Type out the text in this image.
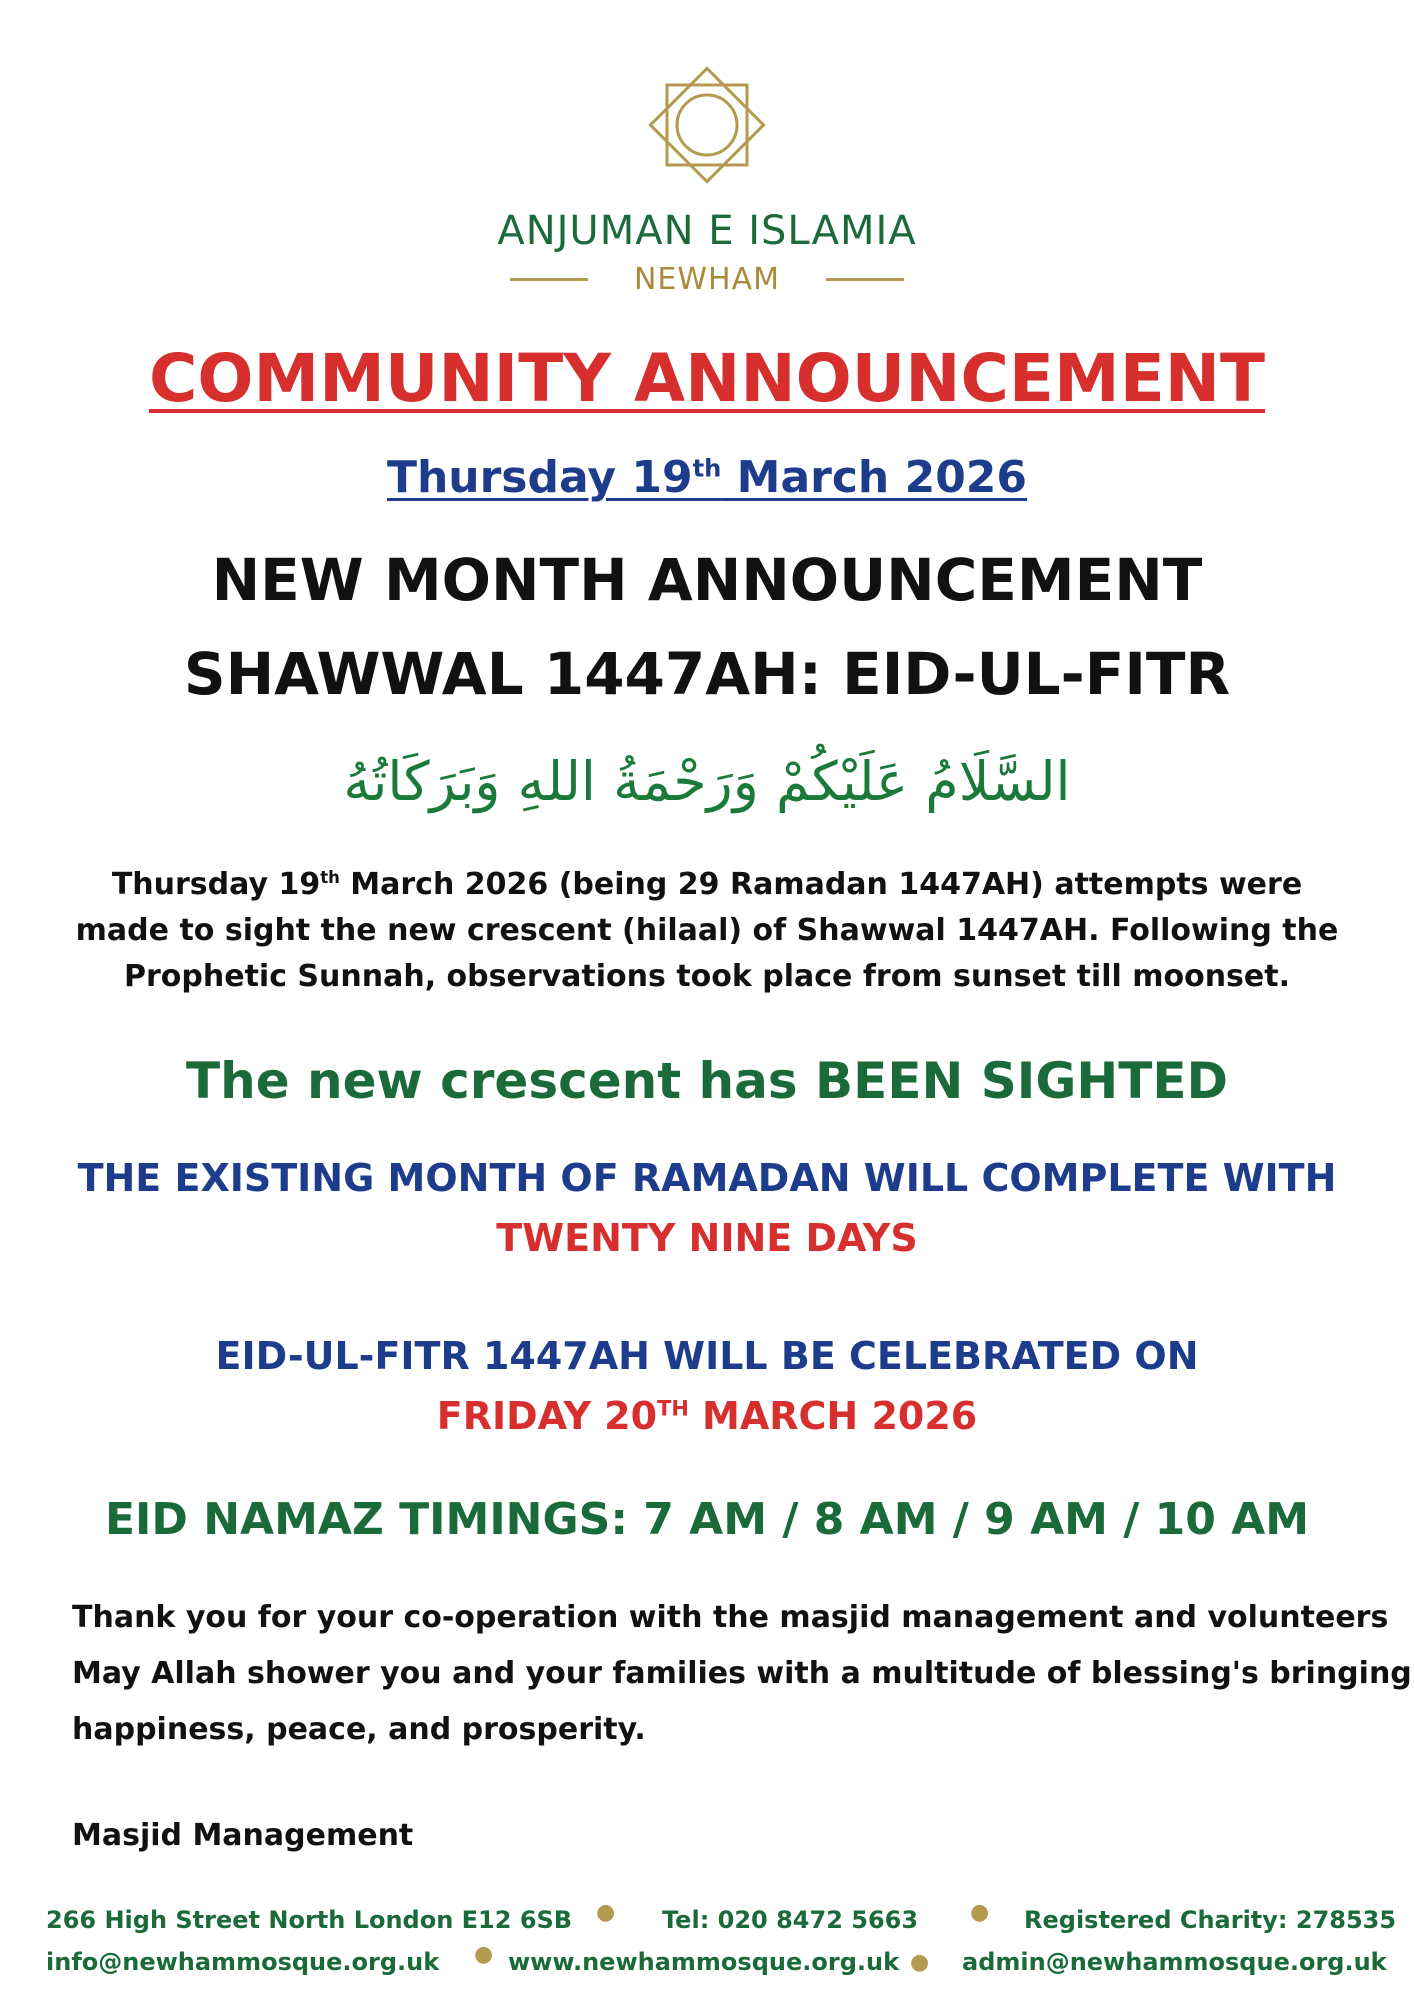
ANJUMAN E ISLAMIA
NEWHAM
COMMUNITY ANNOUNCEMENT
Thursday 19th March 2026
NEW MONTH ANNOUNCEMENT
SHAWWAL 1447AH: EID-UL-FITR
السَّلَامُ عَلَيْكُمْ وَرَحْمَةُ اللهِ وَبَرَكَاتُهُ
Thursday 19th March 2026 (being 29 Ramadan 1447AH) attempts were made to sight the new crescent (hilaal) of Shawwal 1447AH. Following the Prophetic Sunnah, observations took place from sunset till moonset.
The new crescent has BEEN SIGHTED
THE EXISTING MONTH OF RAMADAN WILL COMPLETE WITH
TWENTY NINE DAYS
EID-UL-FITR 1447AH WILL BE CELEBRATED ON
FRIDAY 20TH MARCH 2026
EID NAMAZ TIMINGS: 7 AM / 8 AM / 9 AM / 10 AM
Thank you for your co-operation with the masjid management and volunteers
May Allah shower you and your families with a multitude of blessing's bringing
happiness, peace, and prosperity.
Masjid Management
266 High Street North London E12 6SB ● Tel: 020 8472 5663 ● Registered Charity: 278535
info@newhammosque.org.uk ● www.newhammosque.org.uk ● admin@newhammosque.org.uk
